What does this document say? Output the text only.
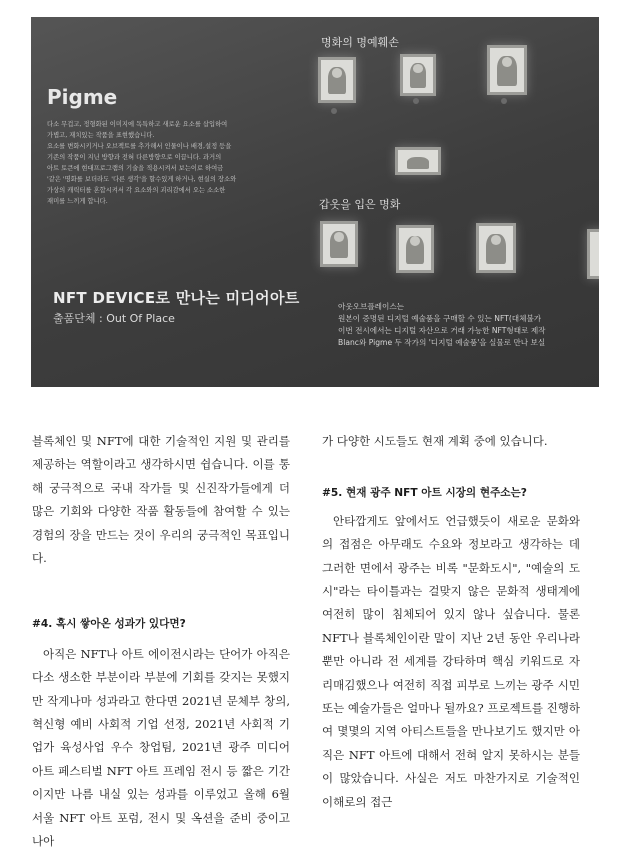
Pigme
다소 무겁고, 정형화된 이미지에 독특하고 새로운 요소를 삽입하여
가볍고, 재치있는 작품을 표현했습니다.
요소를 변화시키거나 오브젝트를 추가해서 인물이나 배경,설정 등을
기존의 작품이 지닌 방향과 전혀 다른방향으로 이끕니다. 과거의
아트 토큰에 현대프로그램의 기술을 적용시켜서 보는이로 하여금
'같은 '명화를 보더라도 '다른 생각'을 할수있게 하거나, 현실의 장소와
가상의 캐릭터를 혼합시켜서 각 요소와의 괴리감에서 오는 소소한
재미를 느끼게 합니다.
명화의 명예훼손
갑옷을 입은 명화
NFT DEVICE로 만나는 미디어아트
출품단체 : Out Of Place
아웃오브플레이스는
원본이 증명된 디지털 예술품을 구매할 수 있는 NFT(대체불가
이번 전시에서는 디지털 자산으로 거래 가능한 NFT형태로 제작
Blanc와 Pigme 두 작가의 '디지털 예술품'을 실물로 만나 보실

블록체인 및 NFT에 대한 기술적인 지원 및 관리를 제공하는 역할이라고 생각하시면 쉽습니다. 이를 통해 궁극적으로 국내 작가들 및 신진작가들에게 더 많은 기회와 다양한 작품 활동들에 참여할 수 있는 경험의 장을 만드는 것이 우리의 궁극적인 목표입니다.

#4. 혹시 쌓아온 성과가 있다면?

아직은 NFT나 아트 에이전시라는 단어가 아직은 다소 생소한 부분이라 부분에 기회를 갖지는 못했지만 작게나마 성과라고 한다면 2021년 문체부 창의, 혁신형 예비 사회적 기업 선정, 2021년 사회적 기업가 육성사업 우수 창업팀, 2021년 광주 미디어 아트 페스티벌 NFT 아트 프레임 전시 등 짧은 기간이지만 나름 내실 있는 성과를 이루었고 올해 6월 서울 NFT 아트 포럼, 전시 및 옥션을 준비 중이고 나아

가 다양한 시도들도 현재 계획 중에 있습니다.

#5. 현재 광주 NFT 아트 시장의 현주소는?

안타깝게도 앞에서도 언급했듯이 새로운 문화와의 접점은 아무래도 수요와 정보라고 생각하는 데 그러한 면에서 광주는 비록 "문화도시", "예술의 도시"라는 타이틀과는 걸맞지 않은 문화적 생태계에 여전히 많이 침체되어 있지 않나 싶습니다. 물론 NFT나 블록체인이란 말이 지난 2년 동안 우리나라뿐만 아니라 전 세계를 강타하며 핵심 키워드로 자리매김했으나 여전히 직접 피부로 느끼는 광주 시민 또는 예술가들은 얼마나 될까요? 프로젝트를 진행하여 몇몇의 지역 아티스트들을 만나보기도 했지만 아직은 NFT 아트에 대해서 전혀 알지 못하시는 분들이 많았습니다. 사실은 저도 마찬가지로 기술적인 이해로의 접근
